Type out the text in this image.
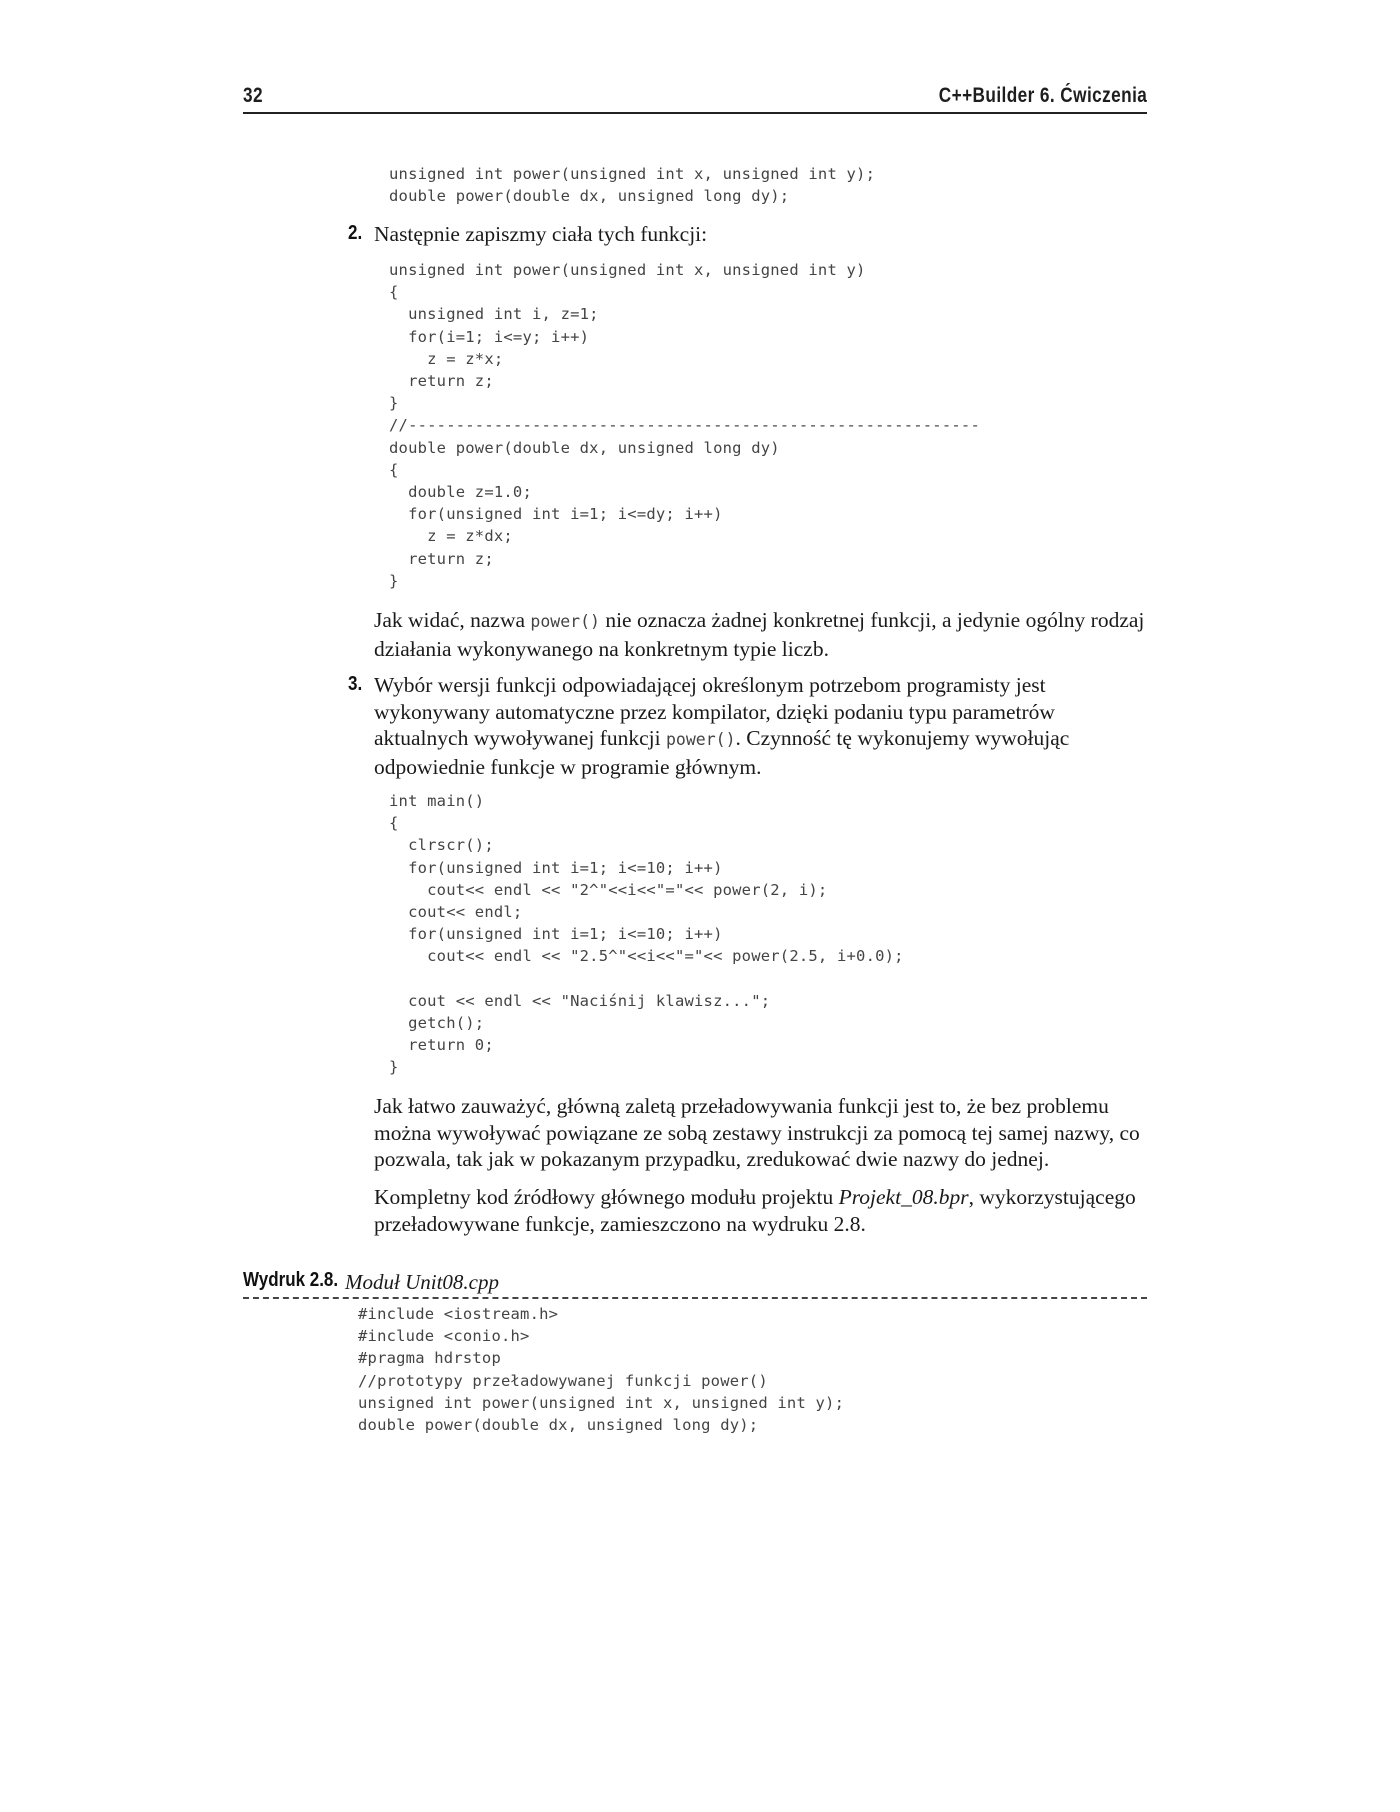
32	C++Builder 6. Ćwiczenia
unsigned int power(unsigned int x, unsigned int y);
double power(double dx, unsigned long dy);
2. Następnie zapiszmy ciała tych funkcji:
unsigned int power(unsigned int x, unsigned int y)
{
unsigned int i, z=1;
for(i=1; i<=y; i++)
z = z*x;
return z;
}
//------------------------------------------------------------
double power(double dx, unsigned long dy)
{
double z=1.0;
for(unsigned int i=1; i<=dy; i++)
z = z*dx;
return z;
}
Jak widać, nazwa power() nie oznacza żadnej konkretnej funkcji, a jedynie ogólny rodzaj działania wykonywanego na konkretnym typie liczb.
3. Wybór wersji funkcji odpowiadającej określonym potrzebom programisty jest wykonywany automatyczne przez kompilator, dzięki podaniu typu parametrów aktualnych wywoływanej funkcji power(). Czynność tę wykonujemy wywołując odpowiednie funkcje w programie głównym.
int main()
{
clrscr();
for(unsigned int i=1; i<=10; i++)
cout<< endl << "2^"<<i<<"="<< power(2, i);
cout<< endl;
for(unsigned int i=1; i<=10; i++)
cout<< endl << "2.5^"<<i<<"="<< power(2.5, i+0.0);

cout << endl << "Naciśnij klawisz...";
getch();
return 0;
}
Jak łatwo zauważyć, główną zaletą przeładowywania funkcji jest to, że bez problemu można wywoływać powiązane ze sobą zestawy instrukcji za pomocą tej samej nazwy, co pozwala, tak jak w pokazanym przypadku, zredukować dwie nazwy do jednej.
Kompletny kod źródłowy głównego modułu projektu Projekt_08.bpr, wykorzystującego przeładowywane funkcje, zamieszczono na wydruku 2.8.
Wydruk 2.8. Moduł Unit08.cpp
#include <iostream.h>
#include <conio.h>
#pragma hdrstop
//prototypy przeładowywanej funkcji power()
unsigned int power(unsigned int x, unsigned int y);
double power(double dx, unsigned long dy);
